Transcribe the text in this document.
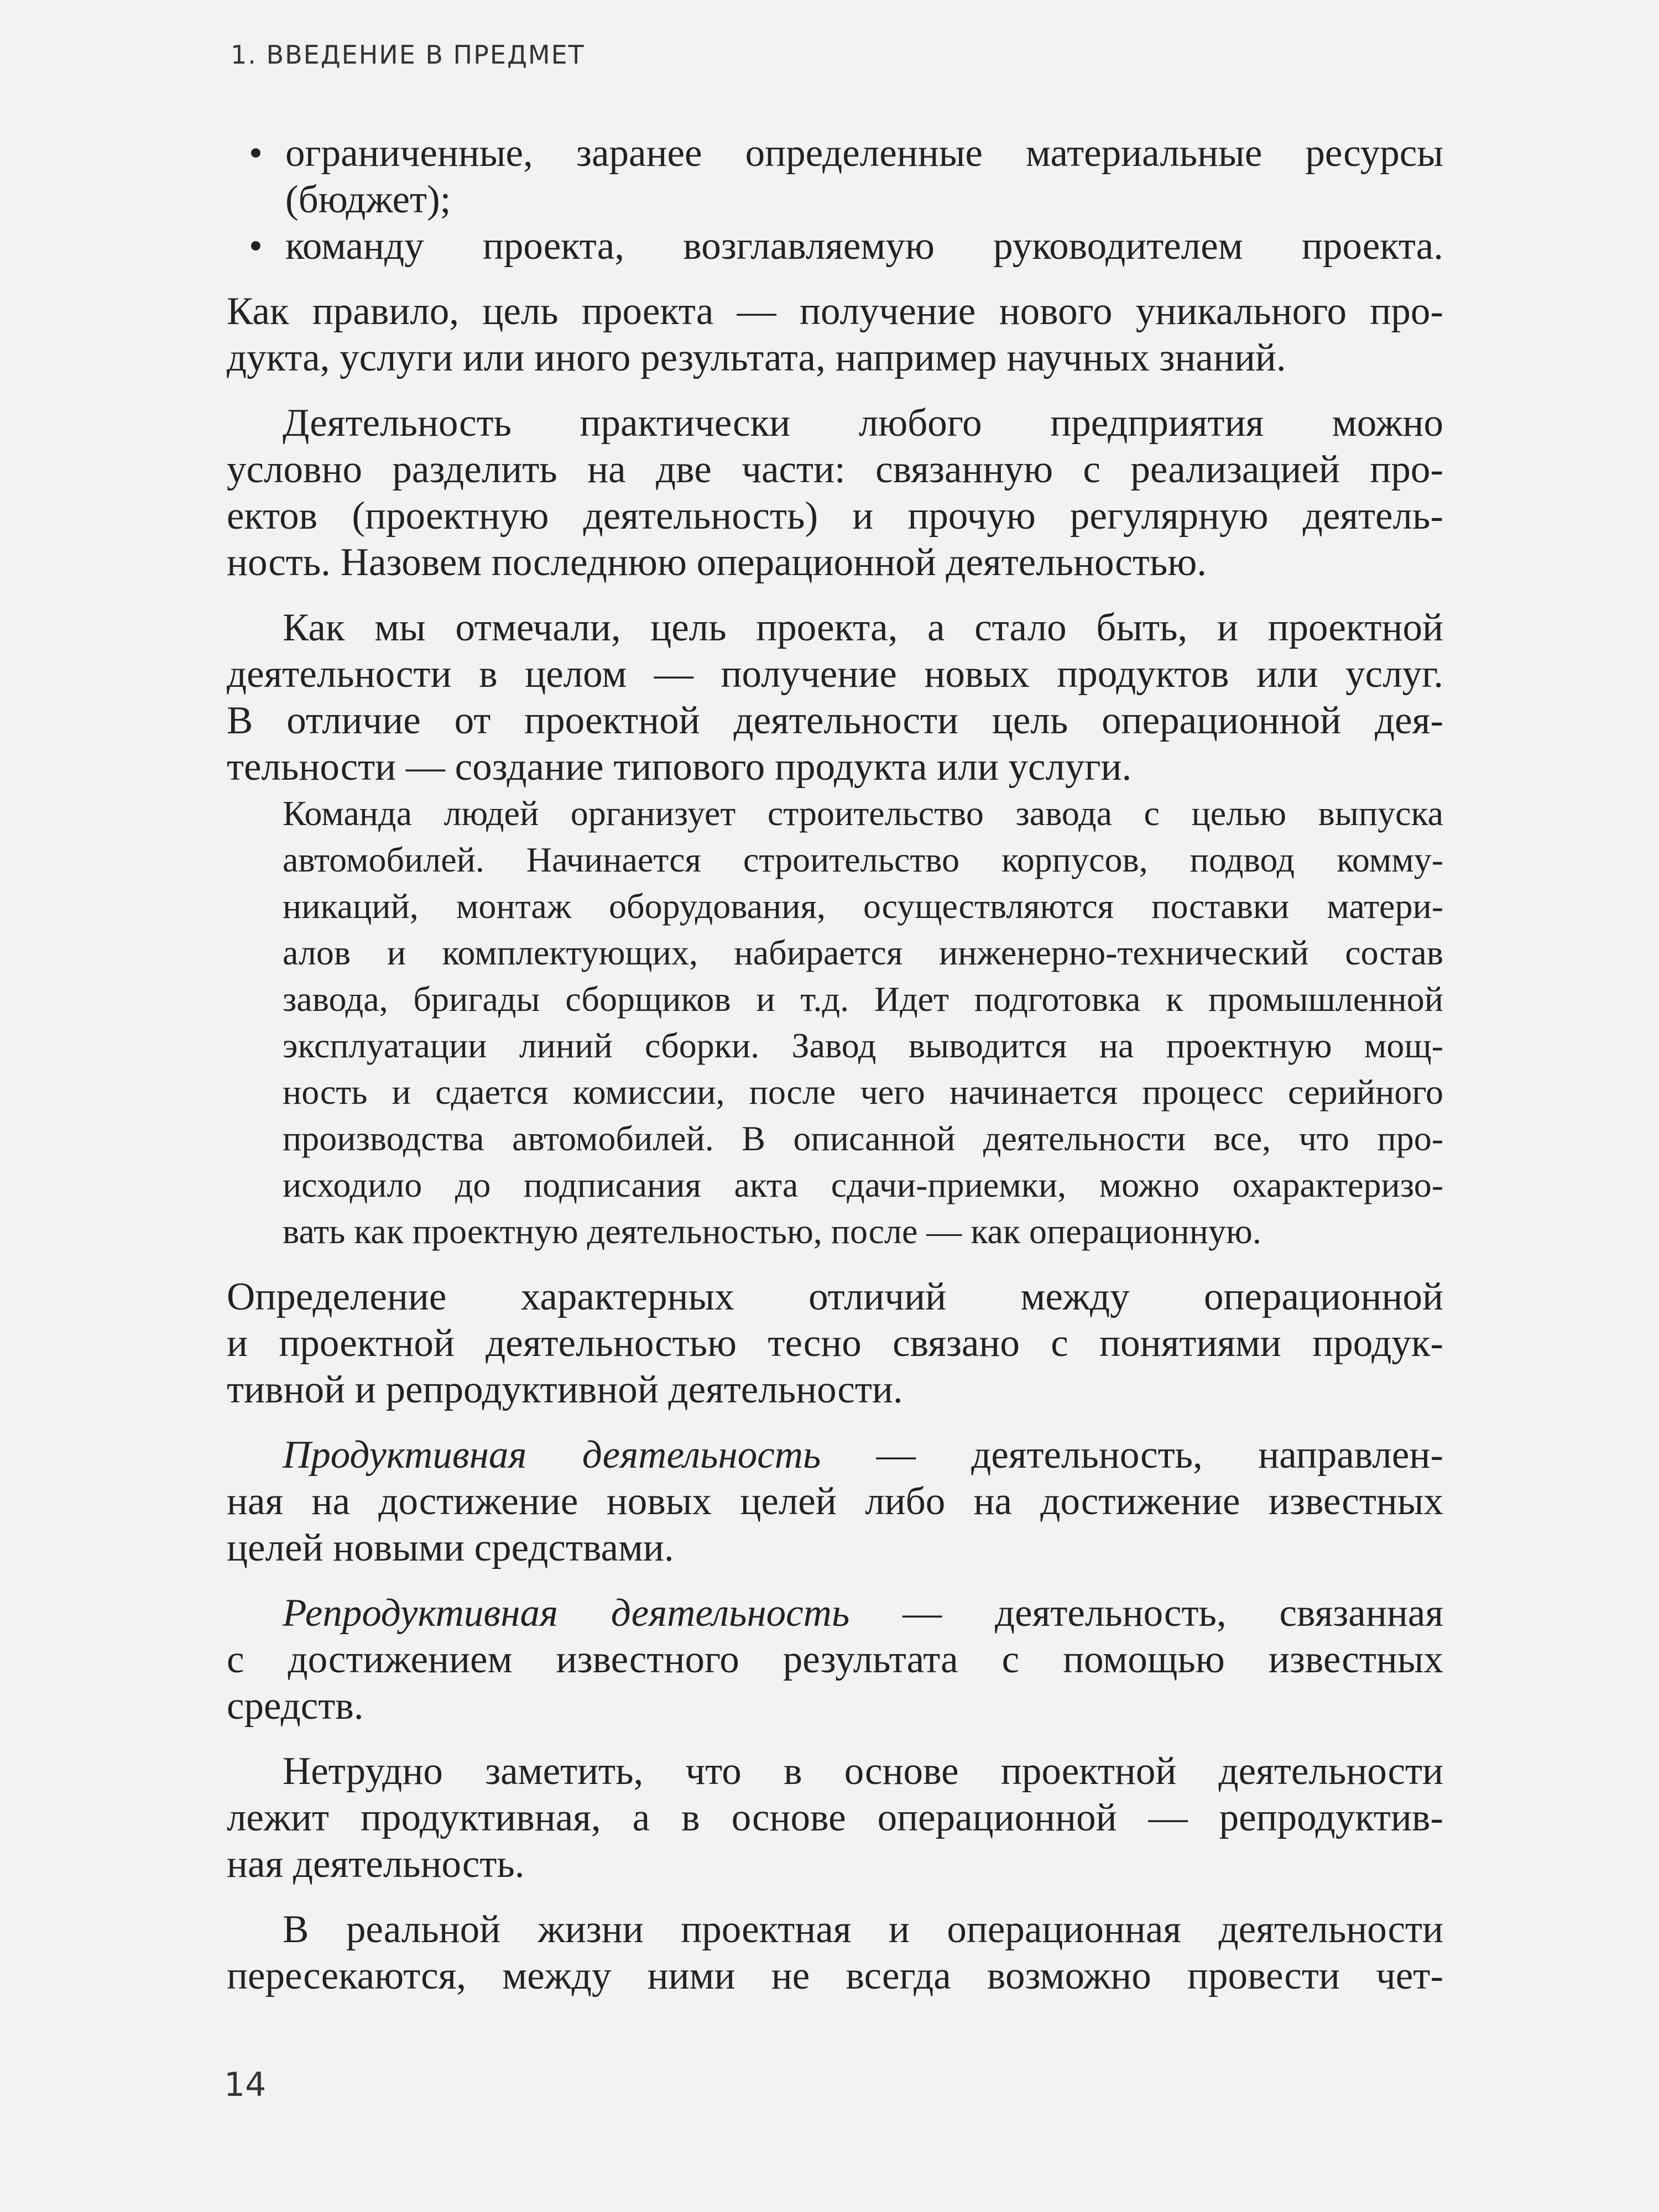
1. ВВЕДЕНИЕ В ПРЕДМЕТ
• ограниченные, заранее определенные материальные ресурсы
(бюджет);
• команду проекта, возглавляемую руководителем проекта.
Как правило, цель проекта — получение нового уникального про-
дукта, услуги или иного результата, например научных знаний.
Деятельность практически любого предприятия можно
условно разделить на две части: связанную с реализацией про-
ектов (проектную деятельность) и прочую регулярную деятель-
ность. Назовем последнюю операционной деятельностью.
Как мы отмечали, цель проекта, а стало быть, и проектной
деятельности в целом — получение новых продуктов или услуг.
В отличие от проектной деятельности цель операционной дея-
тельности — создание типового продукта или услуги.
Команда людей организует строительство завода с целью выпуска
автомобилей. Начинается строительство корпусов, подвод комму-
никаций, монтаж оборудования, осуществляются поставки матери-
алов и комплектующих, набирается инженерно-технический состав
завода, бригады сборщиков и т.д. Идет подготовка к промышленной
эксплуатации линий сборки. Завод выводится на проектную мощ-
ность и сдается комиссии, после чего начинается процесс серийного
производства автомобилей. В описанной деятельности все, что про-
исходило до подписания акта сдачи-приемки, можно охарактеризо-
вать как проектную деятельностью, после — как операционную.
Определение характерных отличий между операционной
и проектной деятельностью тесно связано с понятиями продук-
тивной и репродуктивной деятельности.
Продуктивная деятельность — деятельность, направлен-
ная на достижение новых целей либо на достижение известных
целей новыми средствами.
Репродуктивная деятельность — деятельность, связанная
с достижением известного результата с помощью известных
средств.
Нетрудно заметить, что в основе проектной деятельности
лежит продуктивная, а в основе операционной — репродуктив-
ная деятельность.
В реальной жизни проектная и операционная деятельности
пересекаются, между ними не всегда возможно провести чет-
14
